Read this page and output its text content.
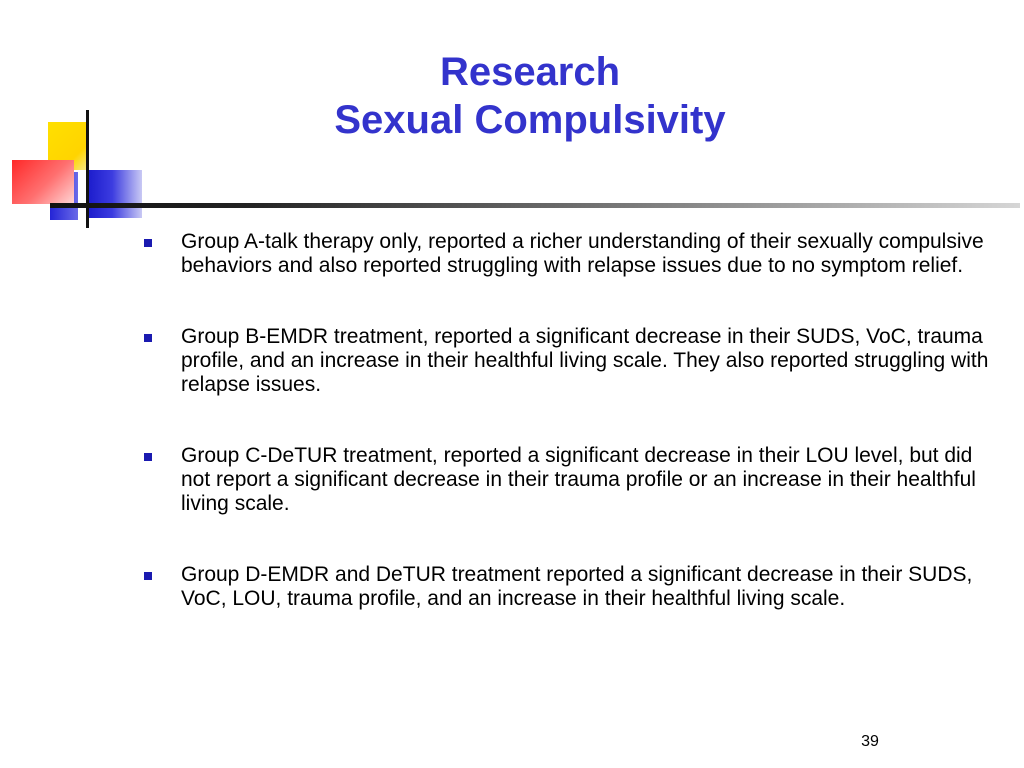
Research
Sexual Compulsivity
Group A-talk therapy only, reported a richer understanding of their sexually compulsive behaviors and also reported struggling with relapse issues due to no symptom relief.
Group B-EMDR treatment, reported a significant decrease in their SUDS, VoC, trauma profile, and an increase in their healthful living scale. They also reported struggling with relapse issues.
Group C-DeTUR treatment, reported a significant decrease in their LOU level, but did not report a significant decrease in their trauma profile or an increase in their healthful living scale.
Group D-EMDR and DeTUR treatment reported a significant decrease in their SUDS, VoC, LOU, trauma profile, and an increase in their healthful living scale.
39
